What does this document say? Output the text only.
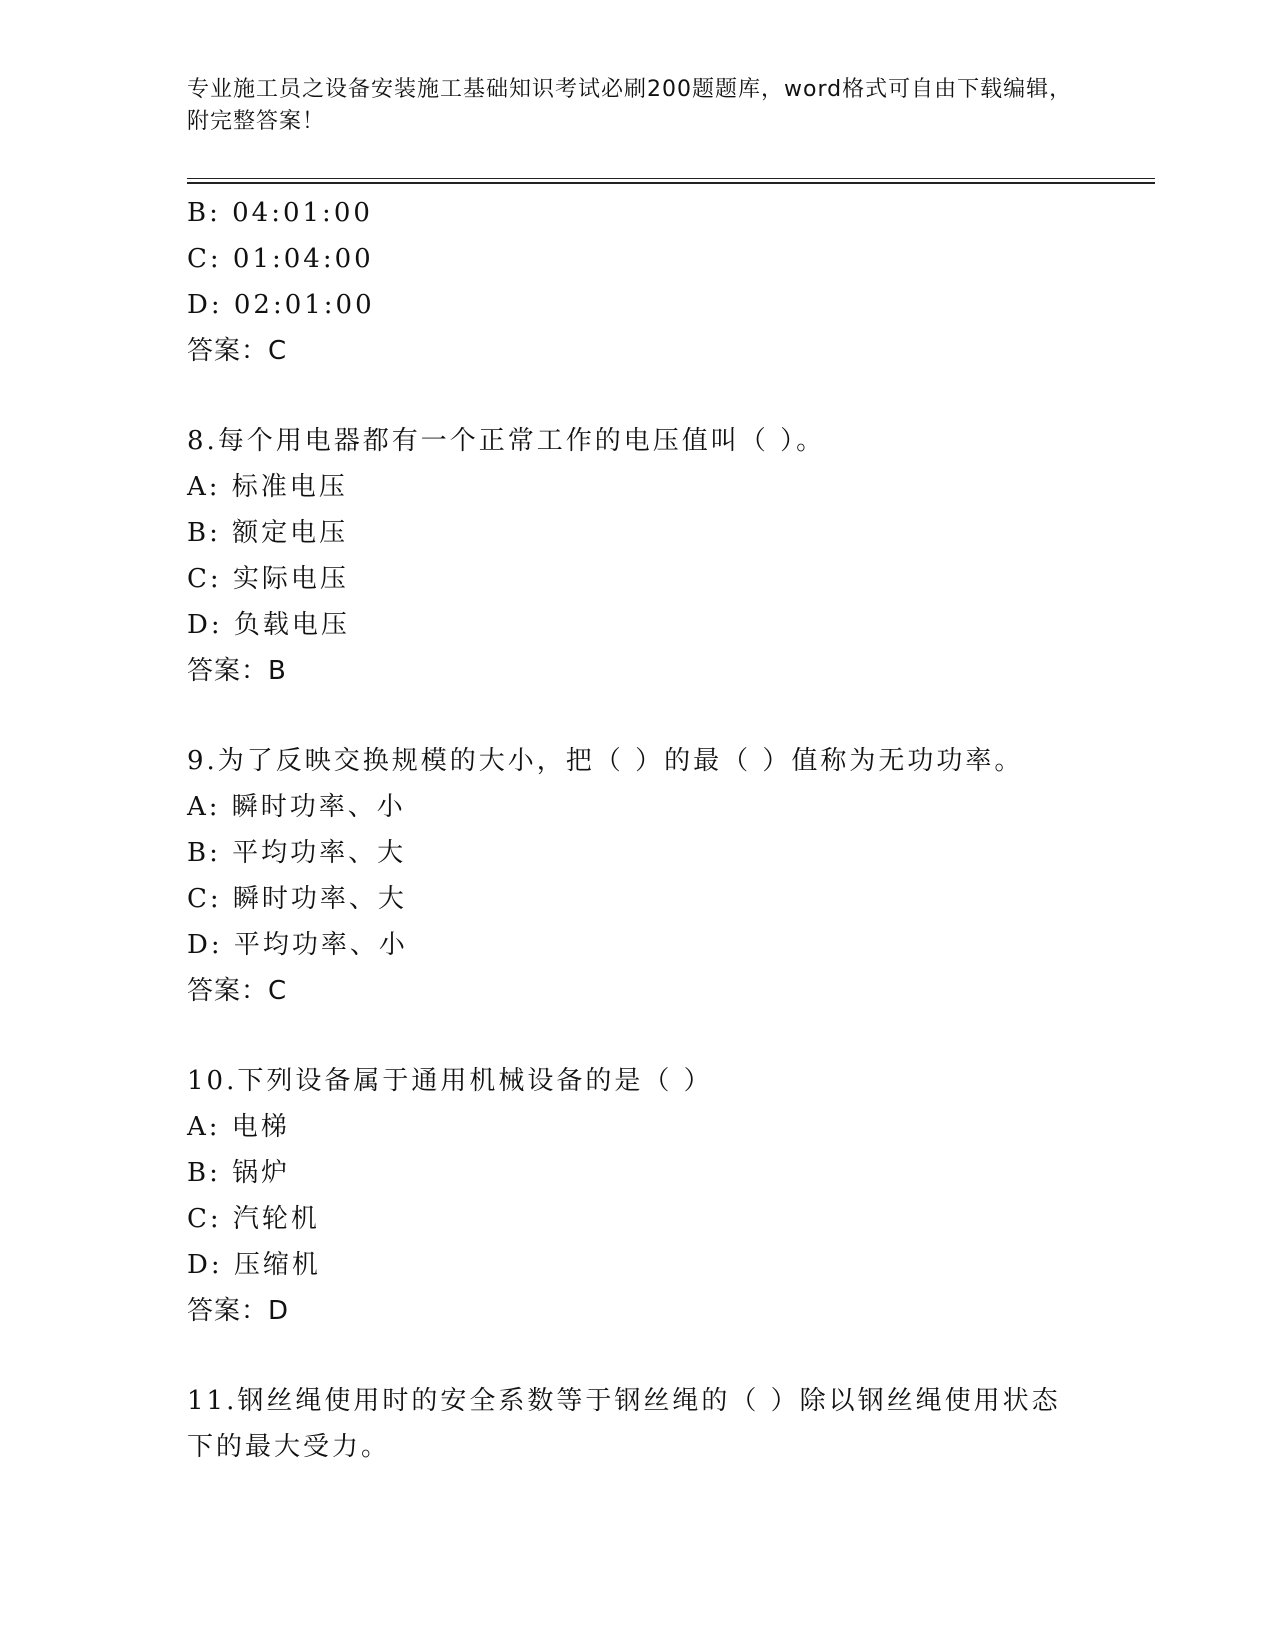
专业施工员之设备安装施工基础知识考试必刷200题题库，word格式可自由下载编辑，附完整答案！
B: 04:01:00
C: 01:04:00
D: 02:01:00
答案：C
8.每个用电器都有一个正常工作的电压值叫（ ）。
A: 标准电压
B: 额定电压
C: 实际电压
D: 负载电压
答案：B
9.为了反映交换规模的大小，把（ ）的最（ ）值称为无功功率。
A: 瞬时功率、小
B: 平均功率、大
C: 瞬时功率、大
D: 平均功率、小
答案：C
10.下列设备属于通用机械设备的是（ ）
A: 电梯
B: 锅炉
C: 汽轮机
D: 压缩机
答案：D
11.钢丝绳使用时的安全系数等于钢丝绳的（ ）除以钢丝绳使用状态下的最大受力。
